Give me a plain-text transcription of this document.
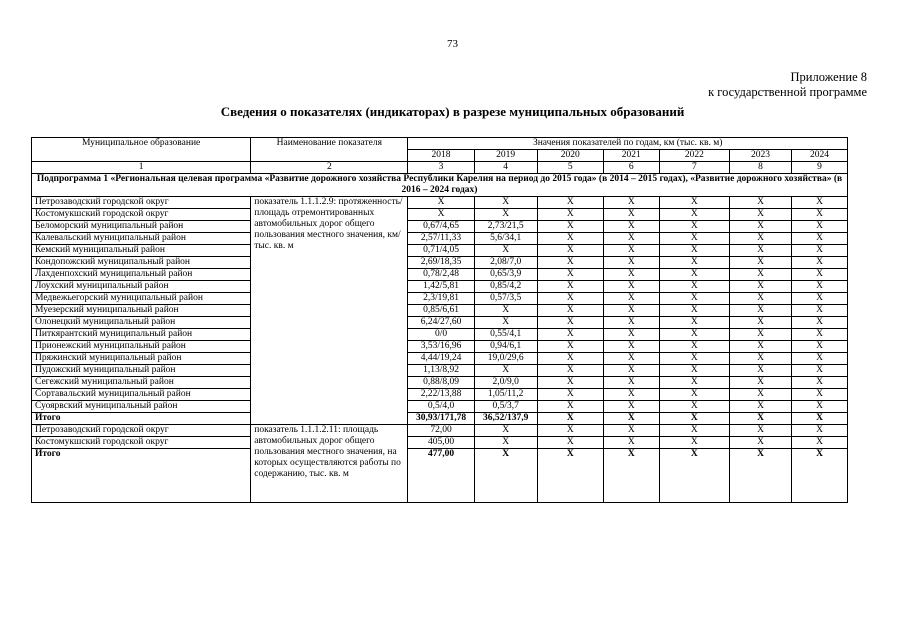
73
Приложение 8
к государственной программе
Сведения о показателях (индикаторах) в разрезе муниципальных образований
Муниципальное образование	Наименование показателя	Значения показателей по годам, км (тыс. кв. м)						
		2018	2019	2020	2021	2022	2023	2024
1	2	3	4	5	6	7	8	9
Подпрограмма 1 «Региональная целевая программа «Развитие дорожного хозяйства Республики Карелия на период до 2015 года» (в 2014 – 2015 годах), «Развитие дорожного хозяйства» (в 2016 – 2024 годах)								
Петрозаводский городской округ	показатель 1.1.1.2.9: протяженность/площадь отремонтированных автомобильных дорог общего пользования местного значения, км/тыс. кв. м	X	X	X	X	X	X	X
Костомукшский городской округ		X	X	X	X	X	X	X
Беломорский муниципальный район		0,67/4,65	2,73/21,5	X	X	X	X	X
Калевальский муниципальный район		2,57/11,33	5,6/34,1	X	X	X	X	X
Кемский муниципальный район		0,71/4,05	X	X	X	X	X	X
Кондопожский муниципальный район		2,69/18,35	2,08/7,0	X	X	X	X	X
Лахденпохский муниципальный район		0,78/2,48	0,65/3,9	X	X	X	X	X
Лоухский муниципальный район		1,42/5,81	0,85/4,2	X	X	X	X	X
Медвежьегорский муниципальный район		2,3/19,81	0,57/3,5	X	X	X	X	X
Муезерский муниципальный район		0,85/6,61	X	X	X	X	X	X
Олонецкий муниципальный район		6,24/27,60	X	X	X	X	X	X
Питкярантский муниципальный район		0/0	0,55/4,1	X	X	X	X	X
Прионежский муниципальный район		3,53/16,96	0,94/6,1	X	X	X	X	X
Пряжинский муниципальный район		4,44/19,24	19,0/29,6	X	X	X	X	X
Пудожский муниципальный район		1,13/8,92	X	X	X	X	X	X
Сегежский муниципальный район		0,88/8,09	2,0/9,0	X	X	X	X	X
Сортавальский муниципальный район		2,22/13,88	1,05/11,2	X	X	X	X	X
Суоярвский муниципальный район		0,5/4,0	0,5/3,7	X	X	X	X	X
Итого		30,93/171,78	36,52/137,9	X	X	X	X	X
Петрозаводский городской округ	показатель 1.1.1.2.11: площадь автомобильных дорог общего пользования местного значения, на которых осуществляются работы по содержанию, тыс. кв. м	72,00	X	X	X	X	X	X
Костомукшский городской округ		405,00	X	X	X	X	X	X
Итого		477,00	X	X	X	X	X	X
